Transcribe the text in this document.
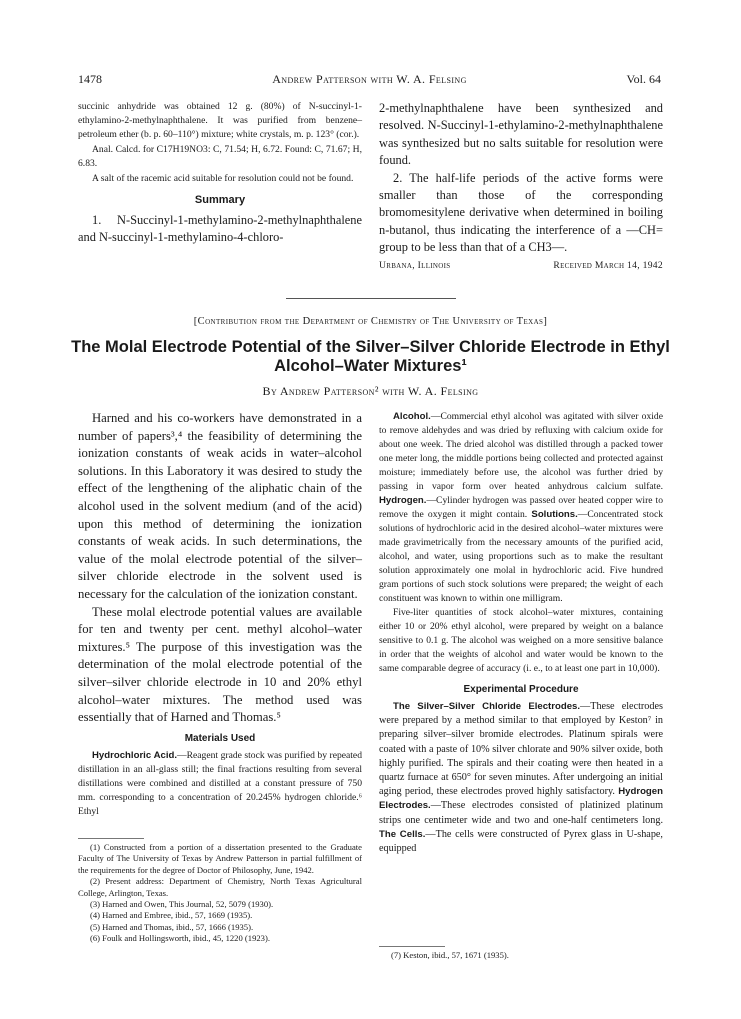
1478	Andrew Patterson with W. A. Felsing	Vol. 64

succinic anhydride was obtained 12 g. (80%) of N-succinyl-1-ethylamino-2-methylnaphthalene. It was purified from benzene–petroleum ether (b. p. 60–110°) mixture; white crystals, m. p. 123° (cor.).

Anal. Calcd. for C17H19NO3: C, 71.54; H, 6.72. Found: C, 71.67; H, 6.83.

A salt of the racemic acid suitable for resolution could not be found.

Summary

1. N-Succinyl-1-methylamino-2-methylnaphthalene and N-succinyl-1-methylamino-4-chloro-

2-methylnaphthalene have been synthesized and resolved. N-Succinyl-1-ethylamino-2-methylnaphthalene was synthesized but no salts suitable for resolution were found.

2. The half-life periods of the active forms were smaller than those of the corresponding bromomesitylene derivative when determined in boiling n-butanol, thus indicating the interference of a —CH= group to be less than that of a CH3—.

Urbana, Illinois	Received March 14, 1942
[Contribution from the Department of Chemistry of The University of Texas]
The Molal Electrode Potential of the Silver–Silver Chloride Electrode in Ethyl Alcohol–Water Mixtures¹
By Andrew Patterson² with W. A. Felsing

Harned and his co-workers have demonstrated in a number of papers³,⁴ the feasibility of determining the ionization constants of weak acids in water–alcohol solutions. In this Laboratory it was desired to study the effect of the lengthening of the aliphatic chain of the alcohol used in the solvent medium (and of the acid) upon this method of determining the ionization constants of weak acids. In such determinations, the value of the molal electrode potential of the silver–silver chloride electrode in the solvent used is necessary for the calculation of the ionization constant.

These molal electrode potential values are available for ten and twenty per cent. methyl alcohol–water mixtures.⁵ The purpose of this investigation was the determination of the molal electrode potential of the silver–silver chloride electrode in 10 and 20% ethyl alcohol–water mixtures. The method used was essentially that of Harned and Thomas.⁵

Materials Used

Hydrochloric Acid.—Reagent grade stock was purified by repeated distillation in an all-glass still; the final fractions resulting from several distillations were combined and distilled at a constant pressure of 750 mm. corresponding to a concentration of 20.245% hydrogen chloride.⁶ Ethyl

(1) Constructed from a portion of a dissertation presented to the Graduate Faculty of The University of Texas by Andrew Patterson in partial fulfillment of the requirements for the degree of Doctor of Philosophy, June, 1942.

(2) Present address: Department of Chemistry, North Texas Agricultural College, Arlington, Texas.

(3) Harned and Owen, This Journal, 52, 5079 (1930).

(4) Harned and Embree, ibid., 57, 1669 (1935).

(5) Harned and Thomas, ibid., 57, 1666 (1935).

(6) Foulk and Hollingsworth, ibid., 45, 1220 (1923).

Alcohol.—Commercial ethyl alcohol was agitated with silver oxide to remove aldehydes and was dried by refluxing with calcium oxide for about one week. The dried alcohol was distilled through a packed tower one meter long, the middle portions being collected and protected against moisture; immediately before use, the alcohol was further dried by passing in vapor form over heated anhydrous calcium sulfate. Hydrogen.—Cylinder hydrogen was passed over heated copper wire to remove the oxygen it might contain. Solutions.—Concentrated stock solutions of hydrochloric acid in the desired alcohol–water mixtures were made gravimetrically from the necessary amounts of the purified acid, alcohol, and water, using proportions such as to make the resultant solution approximately one molal in hydrochloric acid. Five hundred gram portions of such stock solutions were prepared; the weight of each constituent was known to within one milligram.

Five-liter quantities of stock alcohol–water mixtures, containing either 10 or 20% ethyl alcohol, were prepared by weight on a balance sensitive to 0.1 g. The alcohol was weighed on a more sensitive balance in order that the weights of alcohol and water would be known to the same comparable degree of accuracy (i. e., to at least one part in 10,000).

Experimental Procedure

The Silver–Silver Chloride Electrodes.—These electrodes were prepared by a method similar to that employed by Keston⁷ in preparing silver–silver bromide electrodes. Platinum spirals were coated with a paste of 10% silver chlorate and 90% silver oxide, both highly purified. The spirals and their coating were then heated in a quartz furnace at 650° for seven minutes. After undergoing an initial aging period, these electrodes proved highly satisfactory. Hydrogen Electrodes.—These electrodes consisted of platinized platinum strips one centimeter wide and two and one-half centimeters long. The Cells.—The cells were constructed of Pyrex glass in U-shape, equipped

(7) Keston, ibid., 57, 1671 (1935).
